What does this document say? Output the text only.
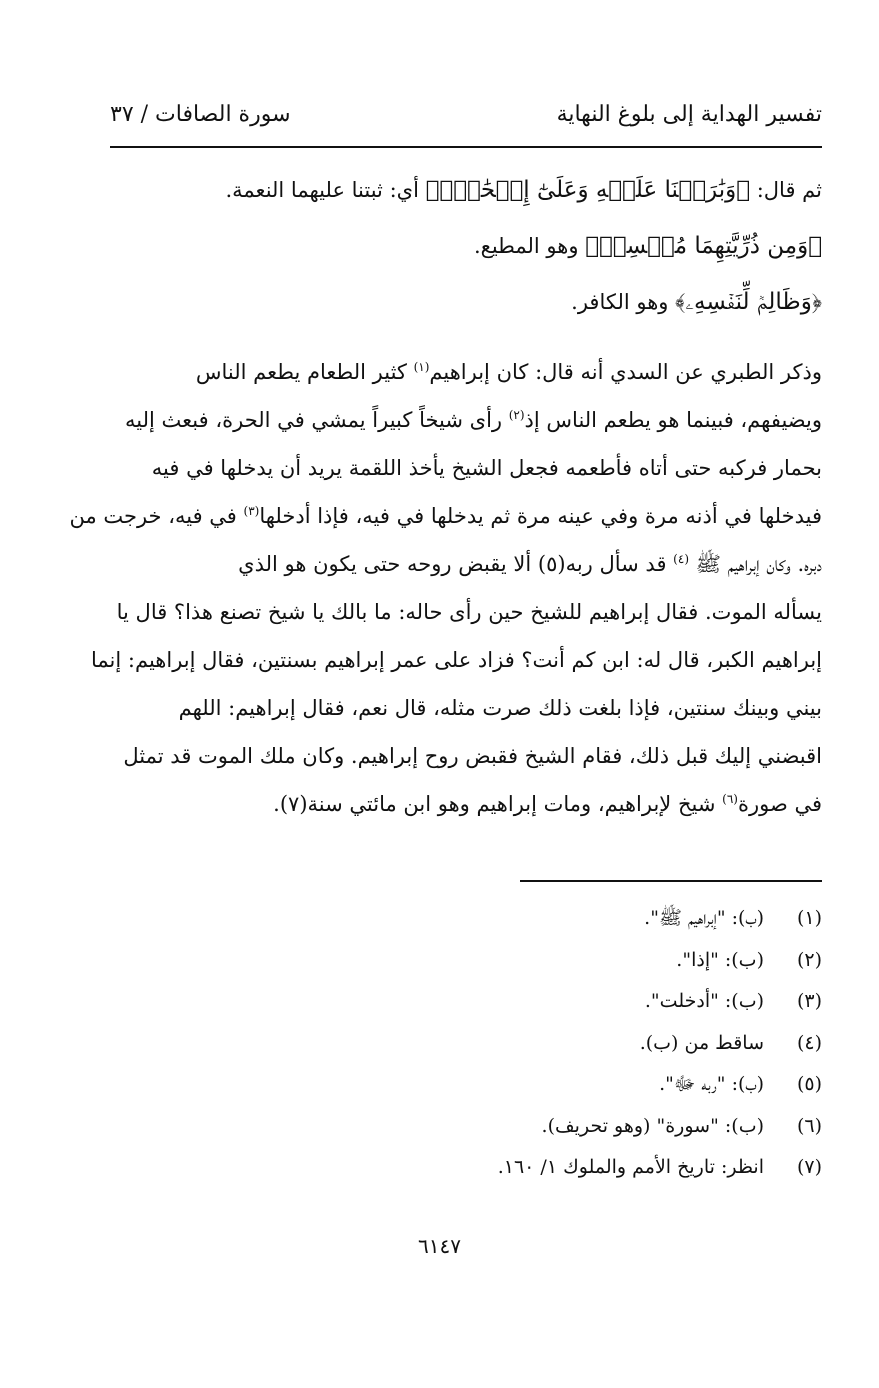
تفسير الهداية إلى بلوغ النهاية
سورة الصافات / ٣٧
ثم قال: ﴿وَبَٰرَكۡنَا عَلَيۡهِ وَعَلَىٰٓ إِسۡحَٰقَۚ﴾ أي: ثبتنا عليهما النعمة.
﴿وَمِن ذُرِّيَّتِهِمَا مُحۡسِنٞ﴾ وهو المطيع.
﴿وَظَالِمٞ لِّنَفۡسِهِۦ﴾ وهو الكافر.
وذكر الطبري عن السدي أنه قال: كان إبراهيم$^{(١)}$ كثير الطعام يطعم الناس
ويضيفهم، فبينما هو يطعم الناس إذ$^{(٢)}$ رأى شيخاً كبيراً يمشي في الحرة، فبعث إليه
بحمار فركبه حتى أتاه فأطعمه فجعل الشيخ يأخذ اللقمة يريد أن يدخلها في فيه
فيدخلها في أذنه مرة وفي عينه مرة ثم يدخلها في فيه، فإذا أدخلها$^{(٣)}$ في فيه، خرجت من
دبره. وكان إبراهيم ﷺ $^{(٤)}$ قد سأل ربه(٥) ألا يقبض روحه حتى يكون هو الذي
يسأله الموت. فقال إبراهيم للشيخ حين رأى حاله: ما بالك يا شيخ تصنع هذا؟ قال يا
إبراهيم الكبر، قال له: ابن كم أنت؟ فزاد على عمر إبراهيم بسنتين، فقال إبراهيم: إنما
بيني وبينك سنتين، فإذا بلغت ذلك صرت مثله، قال نعم، فقال إبراهيم: اللهم
اقبضني إليك قبل ذلك، فقام الشيخ فقبض روح إبراهيم. وكان ملك الموت قد تمثل
في صورة$^{(٦)}$ شيخ لإبراهيم، ومات إبراهيم وهو ابن مائتي سنة(٧).
(١)(ب): "إبراهيم ﷺ".
(٢)(ب): "إذا".
(٣)(ب): "أدخلت".
(٤)ساقط من (ب).
(٥)(ب): "ربه ﷻ".
(٦)(ب): "سورة" (وهو تحريف).
(٧)انظر: تاريخ الأمم والملوك ١/ ١٦٠.
٦١٤٧
